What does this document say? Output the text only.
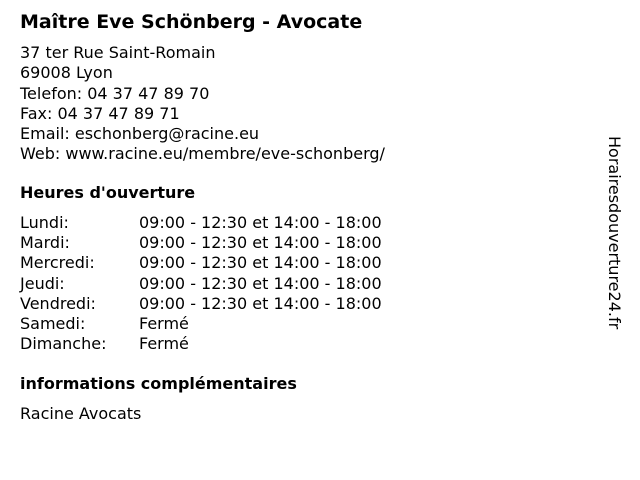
Maître Eve Schönberg - Avocate
37 ter Rue Saint-Romain
69008 Lyon
Telefon: 04 37 47 89 70
Fax: 04 37 47 89 71
Email: eschonberg@racine.eu
Web: www.racine.eu/membre/eve-schonberg/
Heures d'ouverture
Lundi:	09:00 - 12:30 et 14:00 - 18:00
Mardi:	09:00 - 12:30 et 14:00 - 18:00
Mercredi:	09:00 - 12:30 et 14:00 - 18:00
Jeudi:	09:00 - 12:30 et 14:00 - 18:00
Vendredi:	09:00 - 12:30 et 14:00 - 18:00
Samedi:	Fermé
Dimanche: Fermé
informations complémentaires
Racine Avocats
Horairesdouverture24.fr
